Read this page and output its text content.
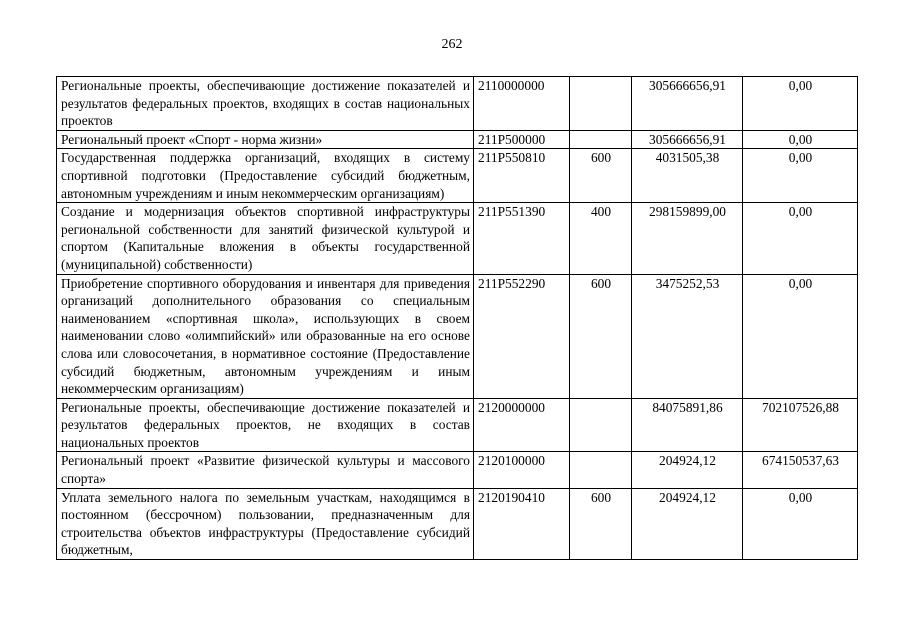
262
Региональные проекты, обеспечивающие достижение показателей и результатов федеральных проектов, входящих в состав национальных проектов	2110000000		305666656,91	0,00
Региональный проект «Спорт - норма жизни»	211P500000		305666656,91	0,00
Государственная поддержка организаций, входящих в систему спортивной подготовки (Предоставление субсидий бюджетным, автономным учреждениям и иным некоммерческим организациям)	211P550810	600	4031505,38	0,00
Создание и модернизация объектов спортивной инфраструктуры региональной собственности для занятий физической культурой и спортом (Капитальные вложения в объекты государственной (муниципальной) собственности)	211P551390	400	298159899,00	0,00
Приобретение спортивного оборудования и инвентаря для приведения организаций дополнительного образования со специальным наименованием «спортивная школа», использующих в своем наименовании слово «олимпийский» или образованные на его основе слова или словосочетания, в нормативное состояние (Предоставление субсидий бюджетным, автономным учреждениям и иным некоммерческим организациям)	211P552290	600	3475252,53	0,00
Региональные проекты, обеспечивающие достижение показателей и результатов федеральных проектов, не входящих в состав национальных проектов	2120000000		84075891,86	702107526,88
Региональный проект «Развитие физической культуры и массового спорта»	2120100000		204924,12	674150537,63
Уплата земельного налога по земельным участкам, находящимся в постоянном (бессрочном) пользовании, предназначенным для строительства объектов инфраструктуры (Предоставление субсидий бюджетным,	2120190410	600	204924,12	0,00
